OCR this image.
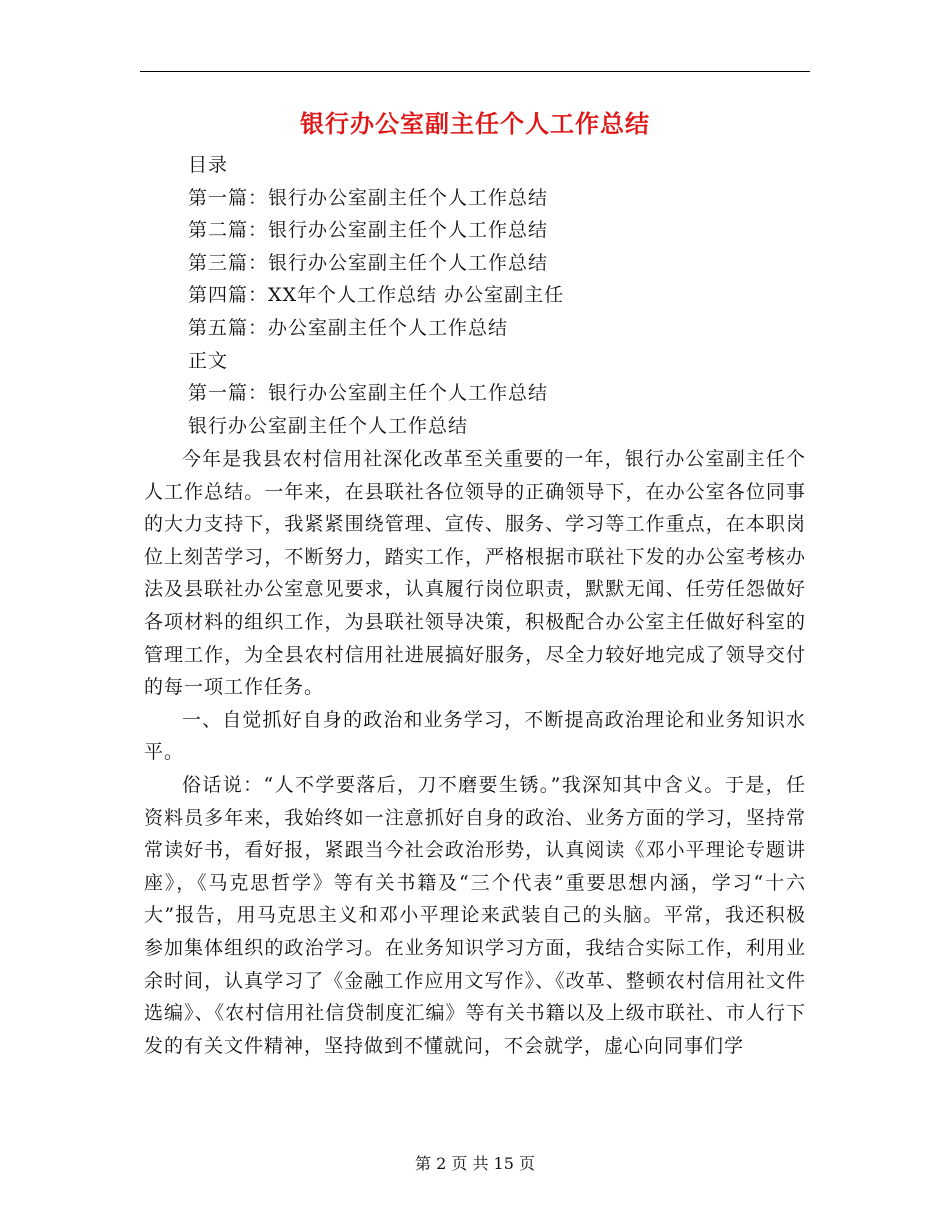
银行办公室副主任个人工作总结
目录
第一篇：银行办公室副主任个人工作总结
第二篇：银行办公室副主任个人工作总结
第三篇：银行办公室副主任个人工作总结
第四篇：XX年个人工作总结 办公室副主任
第五篇：办公室副主任个人工作总结
正文
第一篇：银行办公室副主任个人工作总结
银行办公室副主任个人工作总结

今年是我县农村信用社深化改革至关重要的一年，银行办公室副主任个人工作总结。一年来，在县联社各位领导的正确领导下，在办公室各位同事的大力支持下，我紧紧围绕管理、宣传、服务、学习等工作重点，在本职岗位上刻苦学习，不断努力，踏实工作，严格根据市联社下发的办公室考核办法及县联社办公室意见要求，认真履行岗位职责，默默无闻、任劳任怨做好各项材料的组织工作，为县联社领导决策，积极配合办公室主任做好科室的管理工作，为全县农村信用社进展搞好服务，尽全力较好地完成了领导交付的每一项工作任务。

一、自觉抓好自身的政治和业务学习，不断提高政治理论和业务知识水平。

俗话说：“人不学要落后，刀不磨要生锈。”我深知其中含义。于是，任资料员多年来，我始终如一注意抓好自身的政治、业务方面的学习，坚持常常读好书，看好报，紧跟当今社会政治形势，认真阅读《邓小平理论专题讲座》，《马克思哲学》等有关书籍及“三个代表”重要思想内涵，学习“十六大”报告，用马克思主义和邓小平理论来武装自己的头脑。平常，我还积极参加集体组织的政治学习。在业务知识学习方面，我结合实际工作，利用业余时间，认真学习了《金融工作应用文写作》、《改革、整顿农村信用社文件选编》、《农村信用社信贷制度汇编》等有关书籍以及上级市联社、市人行下发的有关文件精神，坚持做到不懂就问，不会就学，虚心向同事们学

第 2 页 共 15 页
